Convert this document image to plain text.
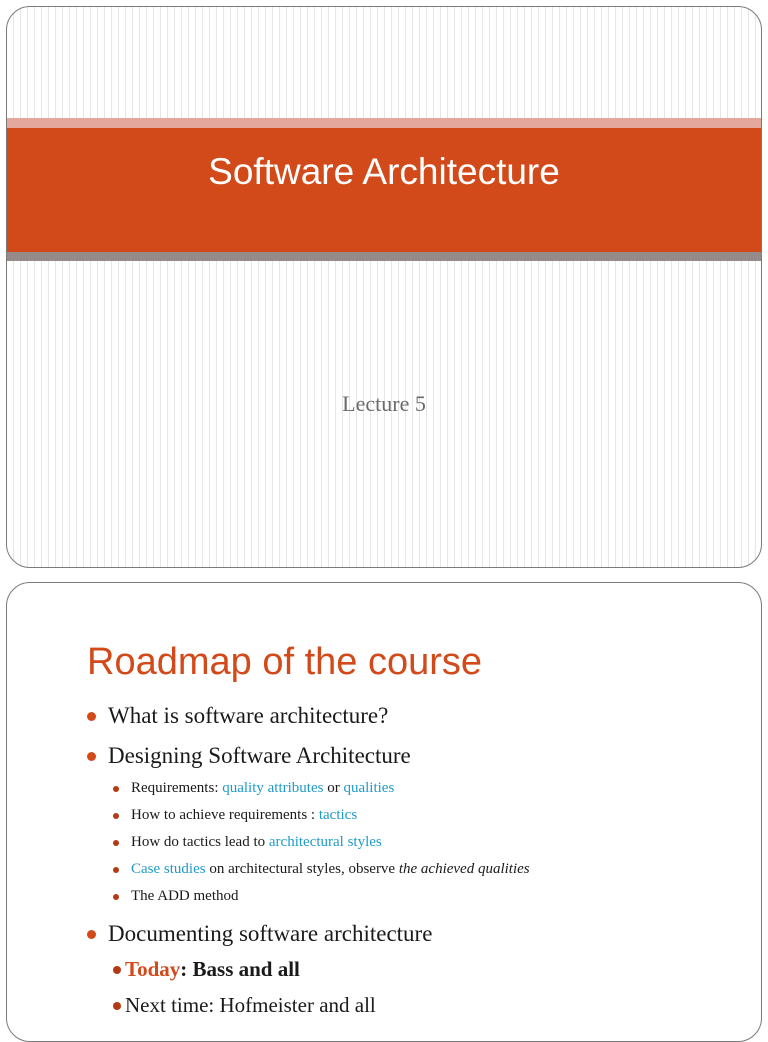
Software Architecture
Lecture 5
Roadmap of the course
What is software architecture?
Designing Software Architecture
Requirements: quality attributes or qualities
How to achieve requirements : tactics
How do tactics lead to architectural styles
Case studies on architectural styles, observe the achieved qualities
The ADD method
Documenting software architecture
Today: Bass and all
Next time: Hofmeister and all
